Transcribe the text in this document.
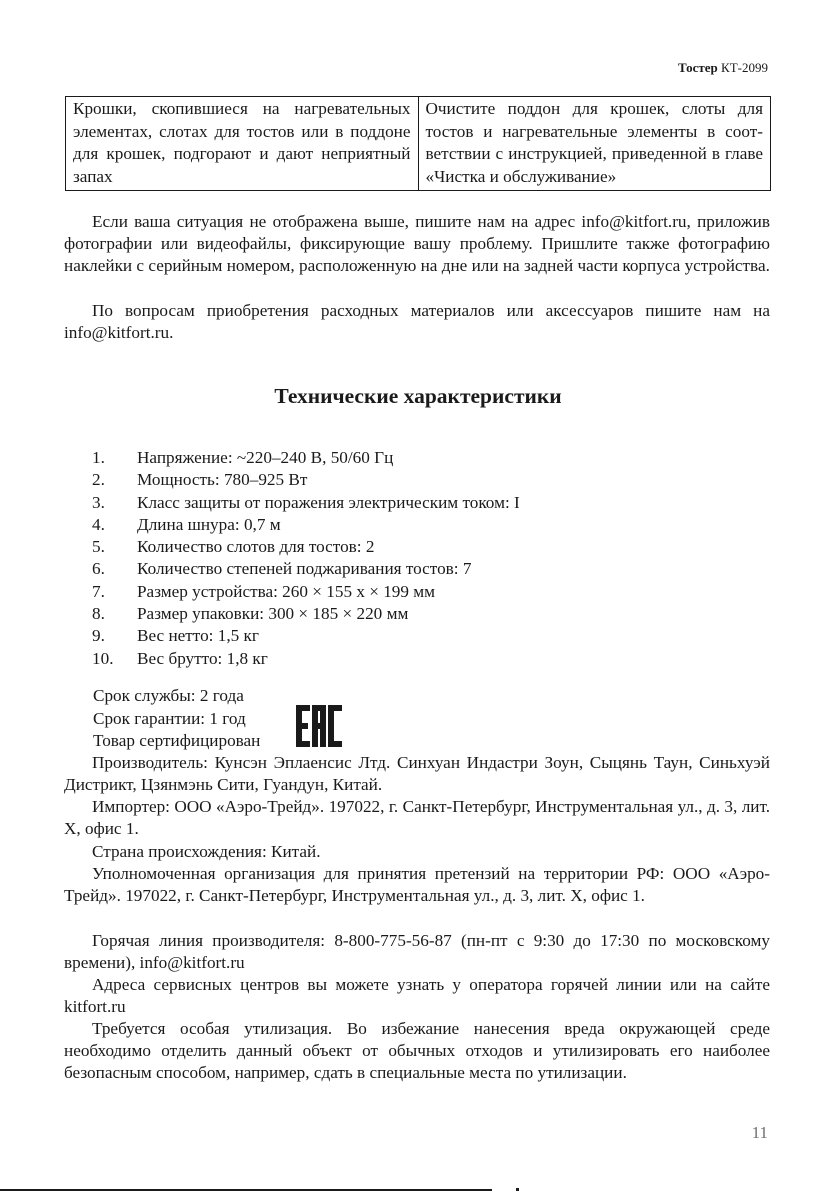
Тостер КТ-2099
Крошки, скопившиеся на нагревательных элементах, слотах для тостов или в поддоне для крошек, подгорают и дают неприятный запах	Очистите поддон для крошек, слоты для тостов и нагревательные элементы в соответствии с инструкцией, приведенной в главе «Чистка и обслуживание»

Если ваша ситуация не отображена выше, пишите нам на адрес info@kitfort.ru, приложив фотографии или видеофайлы, фиксирующие вашу проблему. Пришлите также фотографию наклейки с серийным номером, расположенную на дне или на задней части корпуса устройства.

По вопросам приобретения расходных материалов или аксессуаров пишите нам на info@kitfort.ru.

Технические характеристики
1.	Напряжение: ~220–240 В, 50/60 Гц
2.	Мощность: 780–925 Вт
3.	Класс защиты от поражения электрическим током: I
4.	Длина шнура: 0,7 м
5.	Количество слотов для тостов: 2
6.	Количество степеней поджаривания тостов: 7
7.	Размер устройства: 260 × 155 х × 199 мм
8.	Размер упаковки: 300 × 185 × 220 мм
9.	Вес нетто: 1,5 кг
10.	Вес брутто: 1,8 кг
Срок службы: 2 года
Срок гарантии: 1 год
Товар сертифицирован

Производитель: Кунсэн Эплаенсис Лтд. Синхуан Индастри Зоун, Сыцянь Таун, Синьхуэй Дистрикт, Цзянмэнь Сити, Гуандун, Китай.

Импортер: ООО «Аэро-Трейд». 197022, г. Санкт-Петербург, Инструментальная ул., д. 3, лит. Х, офис 1.

Страна происхождения: Китай.

Уполномоченная организация для принятия претензий на территории РФ: ООО «Аэро-Трейд». 197022, г. Санкт-Петербург, Инструментальная ул., д. 3, лит. Х, офис 1.

Горячая линия производителя: 8-800-775-56-87 (пн-пт с 9:30 до 17:30 по московскому времени), info@kitfort.ru

Адреса сервисных центров вы можете узнать у оператора горячей линии или на сайте kitfort.ru

Требуется особая утилизация. Во избежание нанесения вреда окружающей среде необходимо отделить данный объект от обычных отходов и утилизировать его наиболее безопасным способом, например, сдать в специальные места по утилизации.

11
